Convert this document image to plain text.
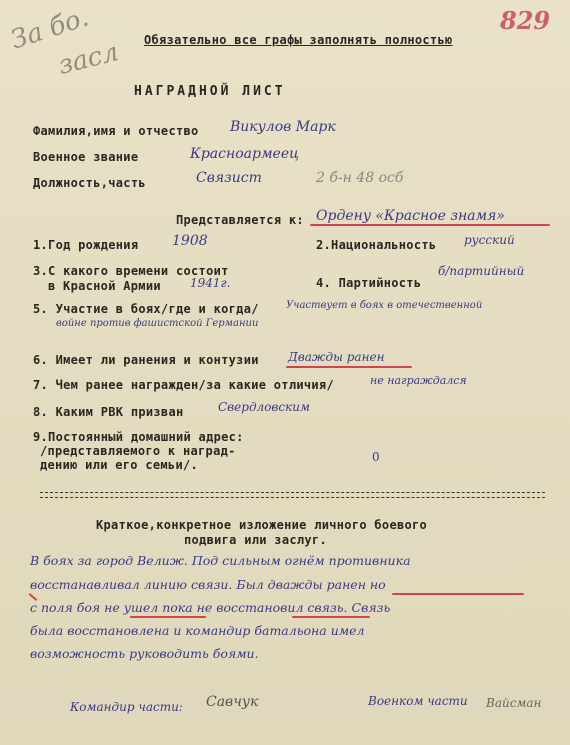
Обязательно все графы заполнять полностью
За бо.
засл
829
НАГРАДНОЙ ЛИСТ
Фамилия,имя и отчество Викулов Марк
Военное звание	Красноармеец
Должность,часть	Связист	2 б-н 48 осб
Представляется к: Ордену «Красное знамя»
1.Год рождения 1908	2.Национальность русский
3.С какого времени состоит
в Красной Армии 1941г.	4. Партийность
б/партийный
5. Участие в боях/где и когда/	Участвует в боях в отечественной
войне против фашистской Германии
6. Имеет ли ранения и контузии Дважды ранен
7. Чем ранее награжден/за какие отличия/	не награждался
8. Каким РВК призван	Свердловским
9.Постоянный домашний адрес:
/представляемого к наград-
дению или его семьи/.
0
Краткое,конкретное изложение личного боевого
подвига или заслуг.
В боях за город Велиж. Под сильным огнём противника
восстанавливал линию связи. Был дважды ранен но
с поля боя не ушел пока не восстановил связь. Связь
была восстановлена и командир батальона имел
возможность руководить боями.
Командир части: Савчук	Военком части Вайсман
